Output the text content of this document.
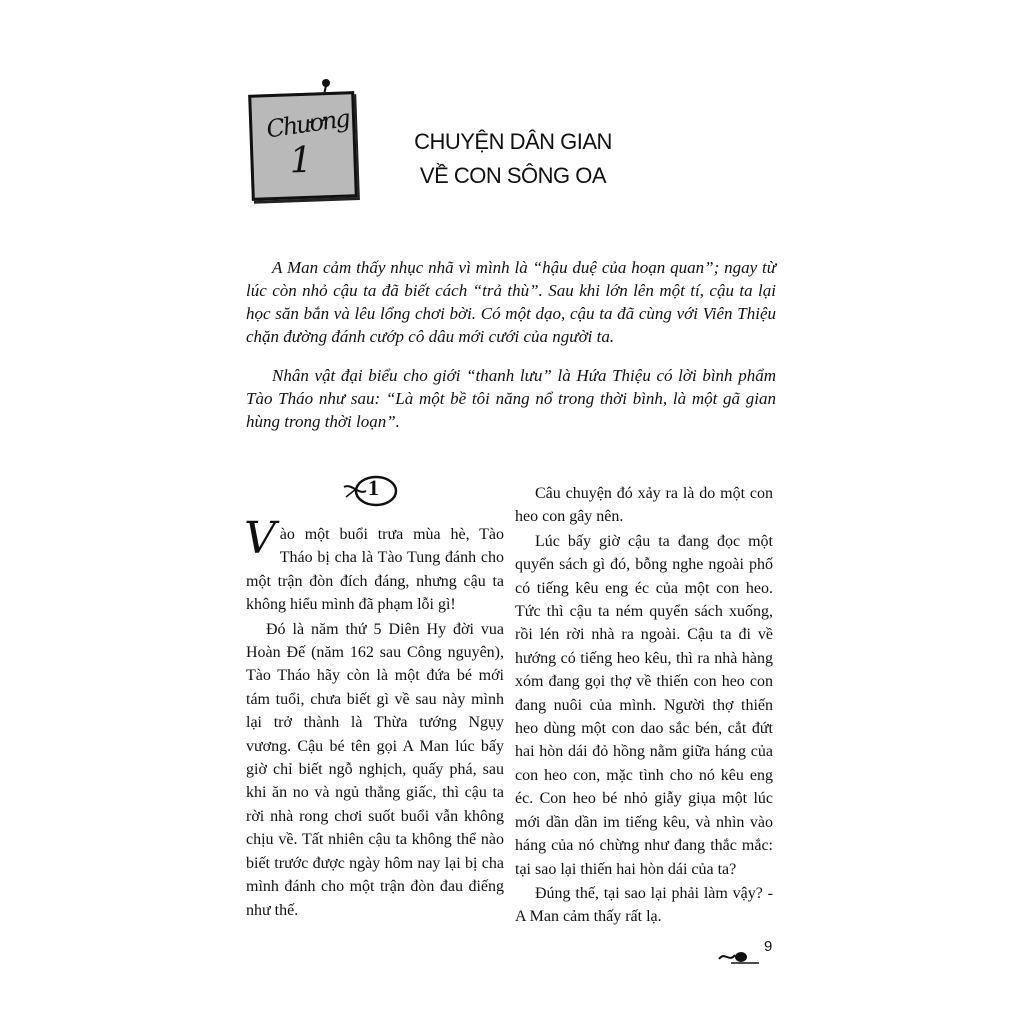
Chương
1	CHUYỆN DÂN GIAN
VỀ CON SÔNG OA

A Man cảm thấy nhục nhã vì mình là “hậu duệ của hoạn quan”; ngay từ lúc còn nhỏ cậu ta đã biết cách “trả thù”. Sau khi lớn lên một tí, cậu ta lại học săn bắn và lêu lổng chơi bời. Có một dạo, cậu ta đã cùng với Viên Thiệu chặn đường đánh cướp cô dâu mới cưới của người ta.

Nhân vật đại biểu cho giới “thanh lưu” là Hứa Thiệu có lời bình phẩm Tào Tháo như sau: “Là một bề tôi năng nổ trong thời bình, là một gã gian hùng trong thời loạn”.

1

Vào một buổi trưa mùa hè, Tào Tháo bị cha là Tào Tung đánh cho một trận đòn đích đáng, nhưng cậu ta không hiểu mình đã phạm lỗi gì!

Đó là năm thứ 5 Diên Hy đời vua Hoàn Đế (năm 162 sau Công nguyên), Tào Tháo hãy còn là một đứa bé mới tám tuổi, chưa biết gì về sau này mình lại trở thành là Thừa tướng Ngụy vương. Cậu bé tên gọi A Man lúc bấy giờ chỉ biết ngỗ nghịch, quấy phá, sau khi ăn no và ngủ thẳng giấc, thì cậu ta rời nhà rong chơi suốt buổi vẫn không chịu về. Tất nhiên cậu ta không thể nào biết trước được ngày hôm nay lại bị cha mình đánh cho một trận đòn đau điếng như thế.

Câu chuyện đó xảy ra là do một con heo con gây nên.

Lúc bấy giờ cậu ta đang đọc một quyển sách gì đó, bỗng nghe ngoài phố có tiếng kêu eng éc của một con heo. Tức thì cậu ta ném quyển sách xuống, rồi lén rời nhà ra ngoài. Cậu ta đi về hướng có tiếng heo kêu, thì ra nhà hàng xóm đang gọi thợ về thiến con heo con đang nuôi của mình. Người thợ thiến heo dùng một con dao sắc bén, cắt đứt hai hòn dái đỏ hồng nằm giữa háng của con heo con, mặc tình cho nó kêu eng éc. Con heo bé nhỏ giẫy giụa một lúc mới dần dần im tiếng kêu, và nhìn vào háng của nó chừng như đang thắc mắc: tại sao lại thiến hai hòn dái của ta?

Đúng thế, tại sao lại phải làm vậy? - A Man cảm thấy rất lạ.

9
